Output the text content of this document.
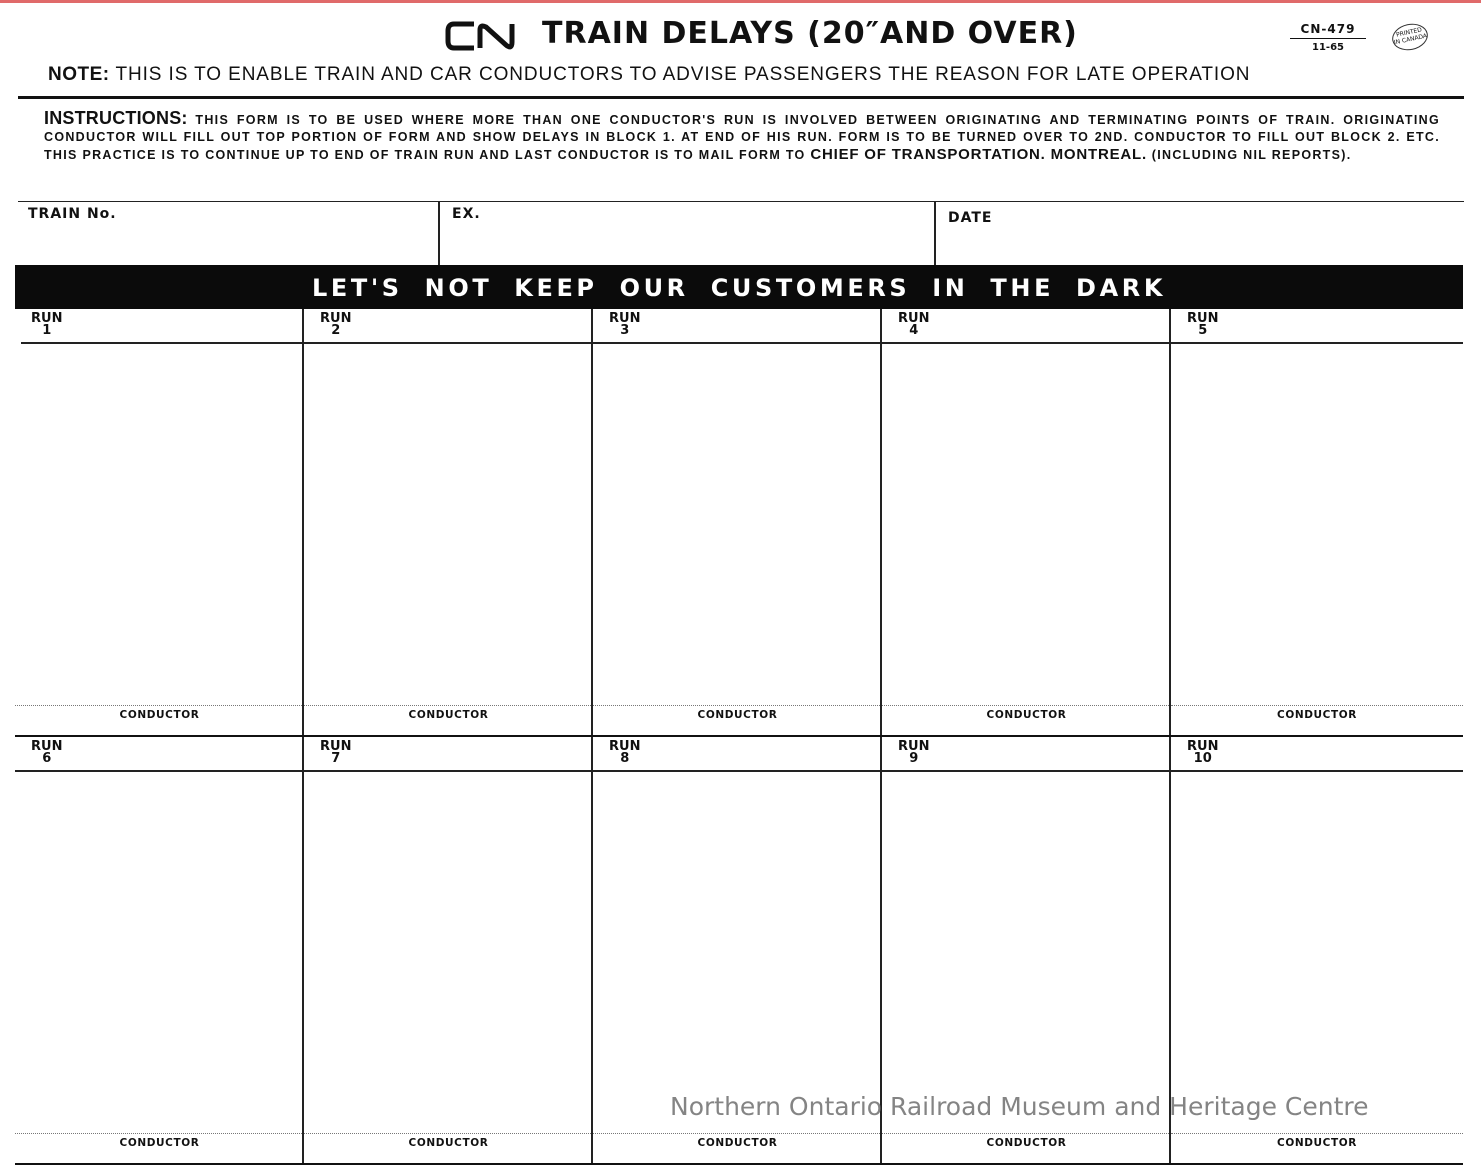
TRAIN DELAYS (20″AND OVER)	CN-479
11-65
PRINTED IN CANADA
NOTE: THIS IS TO ENABLE TRAIN AND CAR CONDUCTORS TO ADVISE PASSENGERS THE REASON FOR LATE OPERATION
INSTRUCTIONS: THIS FORM IS TO BE USED WHERE MORE THAN ONE CONDUCTOR'S RUN IS INVOLVED BETWEEN ORIGINATING AND TERMINATING POINTS OF TRAIN. ORIGINATING CONDUCTOR WILL FILL OUT TOP PORTION OF FORM AND SHOW DELAYS IN BLOCK 1. AT END OF HIS RUN. FORM IS TO BE TURNED OVER TO 2ND. CONDUCTOR TO FILL OUT BLOCK 2. ETC. THIS PRACTICE IS TO CONTINUE UP TO END OF TRAIN RUN AND LAST CONDUCTOR IS TO MAIL FORM TO CHIEF OF TRANSPORTATION. MONTREAL. (INCLUDING NIL REPORTS).
TRAIN No.	EX.	DATE
LET'S NOT KEEP OUR CUSTOMERS IN THE DARK
RUN
1
CONDUCTOR
RUN
2
CONDUCTOR
RUN
3
CONDUCTOR
RUN
4
CONDUCTOR
RUN
5
CONDUCTOR
RUN
6
CONDUCTOR
RUN
7
CONDUCTOR
RUN
8
CONDUCTOR
RUN
9
CONDUCTOR
RUN
10
CONDUCTOR
Northern Ontario Railroad Museum and Heritage Centre
